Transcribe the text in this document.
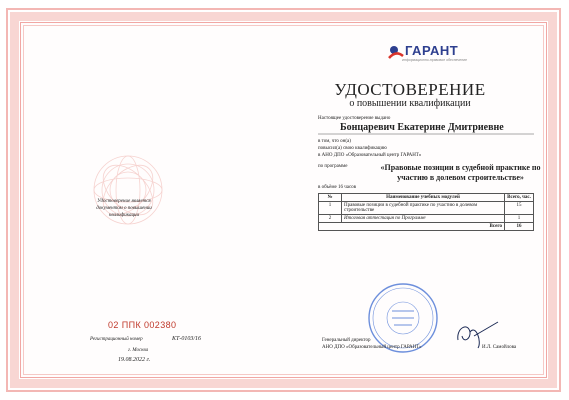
ГАРАНТ
информационно-правовое обеспечение
УДОСТОВЕРЕНИЕ
о повышении квалификации
Настоящее удостоверение выдано
Бонцаревич Екатерине Дмитриевне
в том, что он(а)
повысил(а) свою квалификацию
в АНО ДПО «Образовательный центр ГАРАНТ»
по программе	«Правовые позиции в судебной практике по участию в долевом строительстве»
в объёме 16 часов
№	Наименование учебных модулей	Всего, час.
1	Правовые позиции в судебной практике по участию в долевом строительстве	15
2	Итоговая аттестация по Программе	1
	Всего	16
Удостоверение является документом о повышении квалификации
02 ППК 002380
Регистрационный номер	КТ-0103/16
г. Москва
19.08.2022 г.
Генеральный директор
АНО ДПО «Образовательный центр ГАРАНТ»	И.Л. Самойлова
